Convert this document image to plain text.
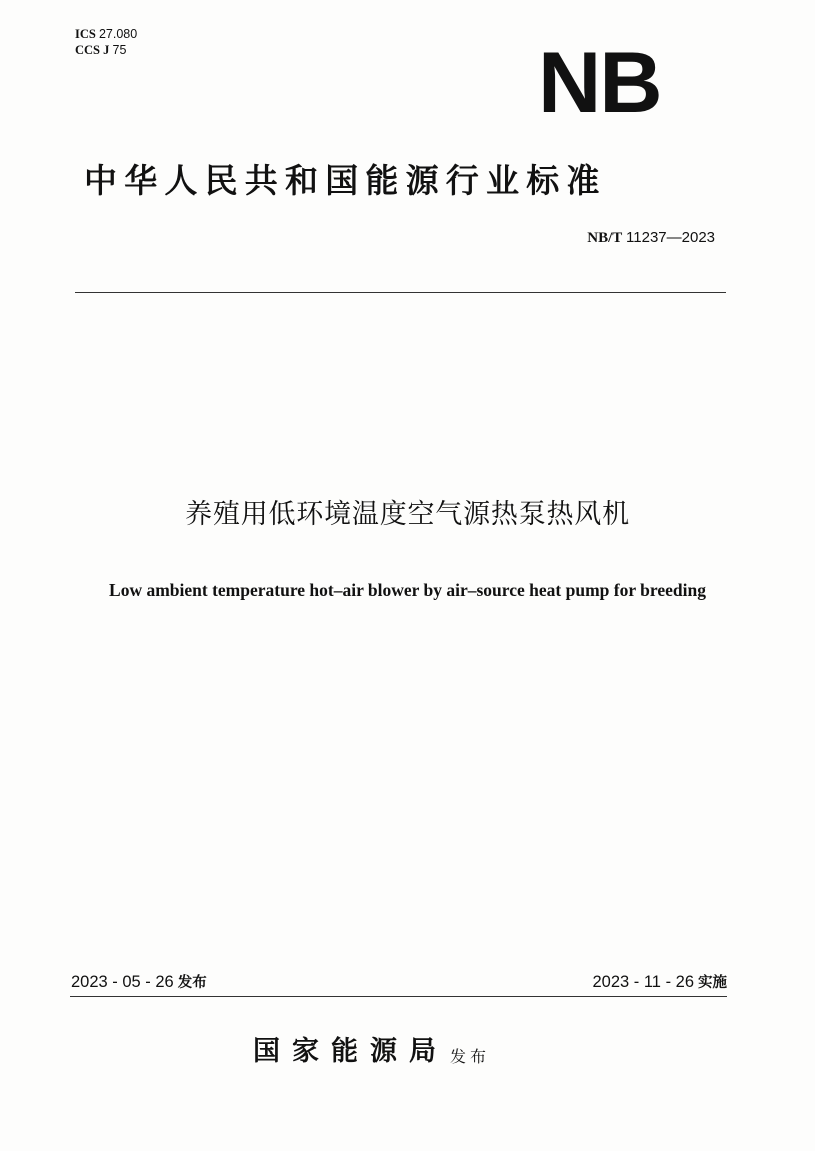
ICS 27.080
CCS J 75	NB
中华人民共和国能源行业标准
NB/T 11237—2023
养殖用低环境温度空气源热泵热风机
Low ambient temperature hot–air blower by air–source heat pump for breeding
2023 - 05 - 26 发布	2023 - 11 - 26 实施
国家能源局 发布
